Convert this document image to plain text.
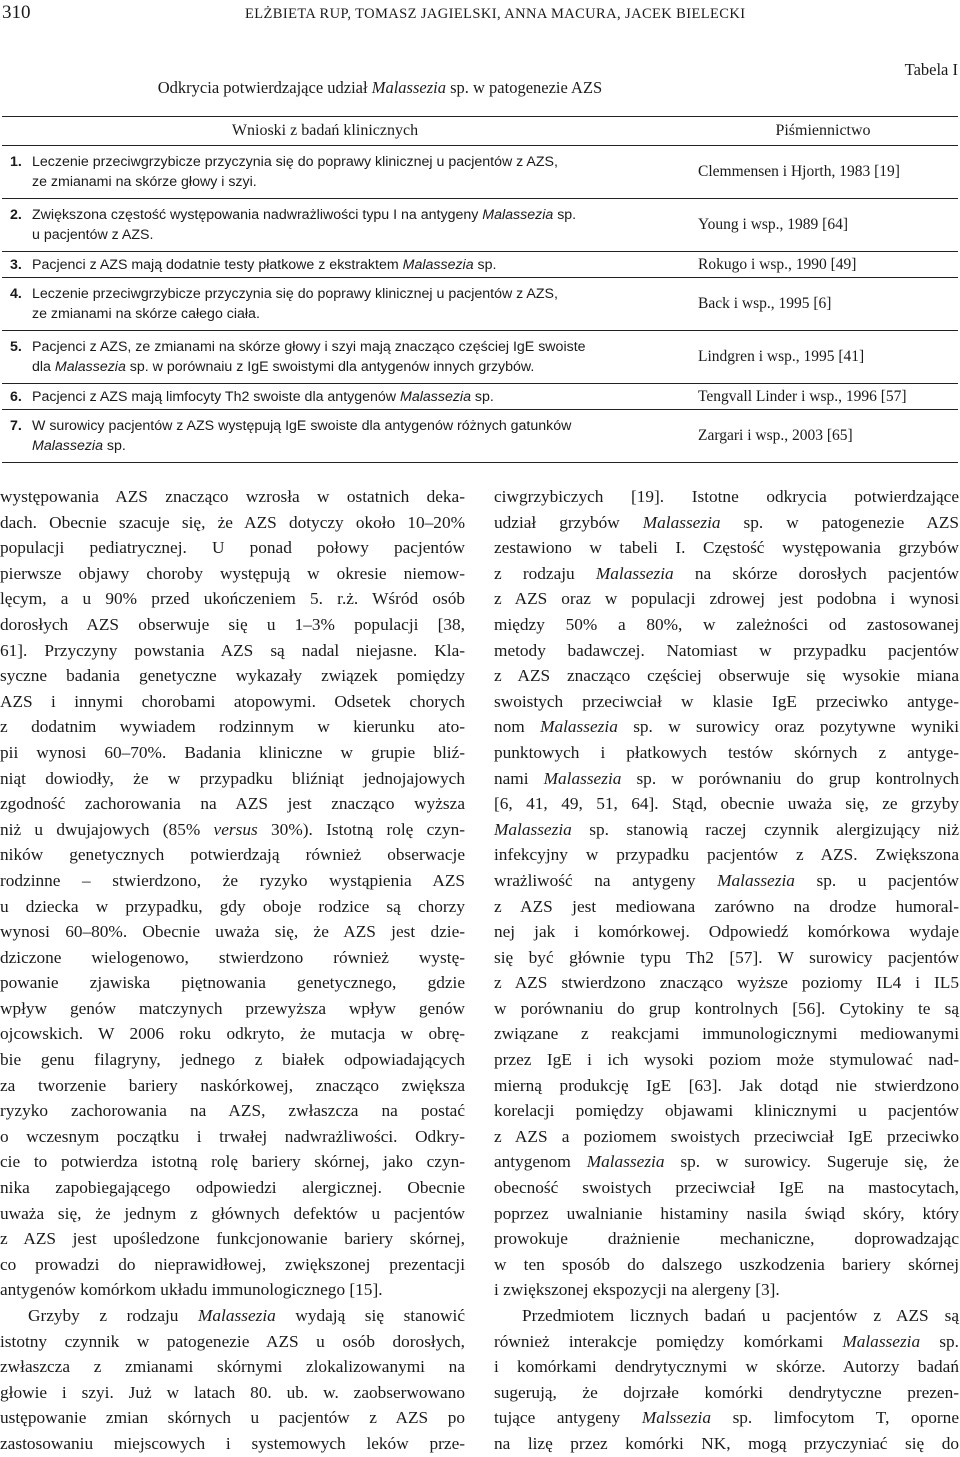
310	ELŻBIETA RUP, TOMASZ JAGIELSKI, ANNA MACURA, JACEK BIELECKI
Tabela I
Odkrycia potwierdzające udział Malassezia sp. w patogenezie AZS
Wnioski z badań klinicznych	Piśmiennictwo
1. Leczenie przeciwgrzybicze przyczynia się do poprawy klinicznej u pacjentów z AZS,
ze zmianami na skórze głowy i szyi.
Clemmensen i Hjorth, 1983 [19]
2. Zwiększona częstość występowania nadwrażliwości typu I na antygeny Malassezia sp.
u pacjentów z AZS.
Young i wsp., 1989 [64]
3. Pacjenci z AZS mają dodatnie testy płatkowe z ekstraktem Malassezia sp.	Rokugo i wsp., 1990 [49]
4. Leczenie przeciwgrzybicze przyczynia się do poprawy klinicznej u pacjentów z AZS,
ze zmianami na skórze całego ciała.
Back i wsp., 1995 [6]
5. Pacjenci z AZS, ze zmianami na skórze głowy i szyi mają znacząco częściej IgE swoiste
dla Malassezia sp. w porównaiu z IgE swoistymi dla antygenów innych grzybów.
Lindgren i wsp., 1995 [41]
6. Pacjenci z AZS mają limfocyty Th2 swoiste dla antygenów Malassezia sp.	Tengvall Linder i wsp., 1996 [57]
7. W surowicy pacjentów z AZS występują IgE swoiste dla antygenów różnych gatunków
Malassezia sp.
Zargari i wsp., 2003 [65]
występowania AZS znacząco wzrosła w ostatnich deka-
dach. Obecnie szacuje się, że AZS dotyczy około 10–20%
populacji pediatrycznej. U ponad połowy pacjentów
pierwsze objawy choroby występują w okresie niemow-
lęcym, a u 90% przed ukończeniem 5. r.ż. Wśród osób
dorosłych AZS obserwuje się u 1–3% populacji [38,
61]. Przyczyny powstania AZS są nadal niejasne. Kla-
syczne badania genetyczne wykazały związek pomiędzy
AZS i innymi chorobami atopowymi. Odsetek chorych
z dodatnim wywiadem rodzinnym w kierunku ato-
pii wynosi 60–70%. Badania kliniczne w grupie bliź-
niąt dowiodły, że w przypadku bliźniąt jednojajowych
zgodność zachorowania na AZS jest znacząco wyższa
niż u dwujajowych (85% versus 30%). Istotną rolę czyn-
ników genetycznych potwierdzają również obserwacje
rodzinne – stwierdzono, że ryzyko wystąpienia AZS
u dziecka w przypadku, gdy oboje rodzice są chorzy
wynosi 60–80%. Obecnie uważa się, że AZS jest dzie-
dziczone wielogenowo, stwierdzono również wystę-
powanie zjawiska piętnowania genetycznego, gdzie
wpływ genów matczynych przewyższa wpływ genów
ojcowskich. W 2006 roku odkryto, że mutacja w obrę-
bie genu filagryny, jednego z białek odpowiadających
za tworzenie bariery naskórkowej, znacząco zwiększa
ryzyko zachorowania na AZS, zwłaszcza na postać
o wczesnym początku i trwałej nadwrażliwości. Odkry-
cie to potwierdza istotną rolę bariery skórnej, jako czyn-
nika zapobiegającego odpowiedzi alergicznej. Obecnie
uważa się, że jednym z głównych defektów u pacjentów
z AZS jest upośledzone funkcjonowanie bariery skórnej,
co prowadzi do nieprawidłowej, zwiększonej prezentacji
antygenów komórkom układu immunologicznego [15].
Grzyby z rodzaju Malassezia wydają się stanowić
istotny czynnik w patogenezie AZS u osób dorosłych,
zwłaszcza z zmianami skórnymi zlokalizowanymi na
głowie i szyi. Już w latach 80. ub. w. zaobserwowano
ustępowanie zmian skórnych u pacjentów z AZS po
zastosowaniu miejscowych i systemowych leków prze-
ciwgrzybiczych [19]. Istotne odkrycia potwierdzające
udział grzybów Malassezia sp. w patogenezie AZS
zestawiono w tabeli I. Częstość występowania grzybów
z rodzaju Malassezia na skórze dorosłych pacjentów
z AZS oraz w populacji zdrowej jest podobna i wynosi
między 50% a 80%, w zależności od zastosowanej
metody badawczej. Natomiast w przypadku pacjentów
z AZS znacząco częściej obserwuje się wysokie miana
swoistych przeciwciał w klasie IgE przeciwko antyge-
nom Malassezia sp. w surowicy oraz pozytywne wyniki
punktowych i płatkowych testów skórnych z antyge-
nami Malassezia sp. w porównaniu do grup kontrolnych
[6, 41, 49, 51, 64]. Stąd, obecnie uważa się, ze grzyby
Malassezia sp. stanowią raczej czynnik alergizujący niż
infekcyjny w przypadku pacjentów z AZS. Zwiększona
wrażliwość na antygeny Malassezia sp. u pacjentów
z AZS jest mediowana zarówno na drodze humoral-
nej jak i komórkowej. Odpowiedź komórkowa wydaje
się być głównie typu Th2 [57]. W surowicy pacjentów
z AZS stwierdzono znacząco wyższe poziomy IL4 i IL5
w porównaniu do grup kontrolnych [56]. Cytokiny te są
związane z reakcjami immunologicznymi mediowanymi
przez IgE i ich wysoki poziom może stymulować nad-
mierną produkcję IgE [63]. Jak dotąd nie stwierdzono
korelacji pomiędzy objawami klinicznymi u pacjentów
z AZS a poziomem swoistych przeciwciał IgE przeciwko
antygenom Malassezia sp. w surowicy. Sugeruje się, że
obecność swoistych przeciwciał IgE na mastocytach,
poprzez uwalnianie histaminy nasila świąd skóry, który
prowokuje drażnienie mechaniczne, doprowadzając
w ten sposób do dalszego uszkodzenia bariery skórnej
i zwiększonej ekspozycji na alergeny [3].
Przedmiotem licznych badań u pacjentów z AZS są
również interakcje pomiędzy komórkami Malassezia sp.
i komórkami dendrytycznymi w skórze. Autorzy badań
sugerują, że dojrzałe komórki dendrytyczne prezen-
tujące antygeny Malssezia sp. limfocytom T, oporne
na lizę przez komórki NK, mogą przyczyniać się do
